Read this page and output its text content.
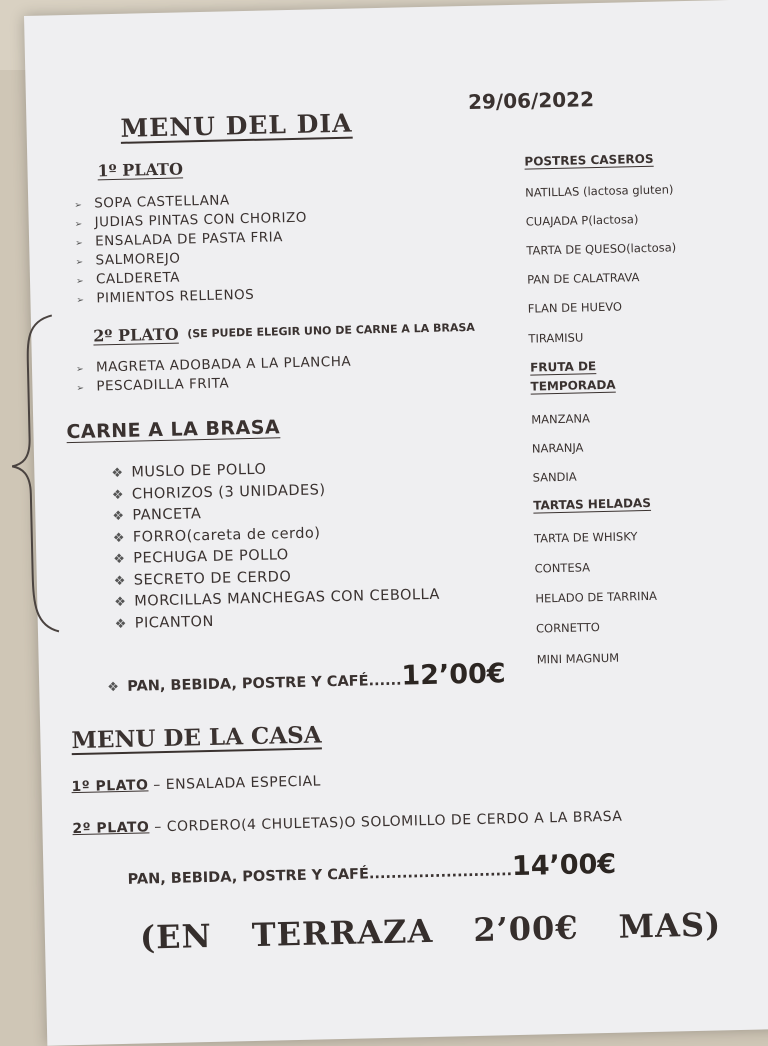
MENU DEL DIA
29/06/2022
1º PLATO
➢ SOPA CASTELLANA
➢ JUDIAS PINTAS CON CHORIZO
➢ ENSALADA DE PASTA FRIA
➢ SALMOREJO
➢ CALDERETA
➢ PIMIENTOS RELLENOS
2º PLATO (SE PUEDE ELEGIR UNO DE CARNE A LA BRASA
➢ MAGRETA ADOBADA A LA PLANCHA
➢ PESCADILLA FRITA
CARNE A LA BRASA
❖ MUSLO DE POLLO
❖ CHORIZOS (3 UNIDADES)
❖ PANCETA
❖ FORRO(careta de cerdo)
❖ PECHUGA DE POLLO
❖ SECRETO DE CERDO
❖ MORCILLAS MANCHEGAS CON CEBOLLA
❖ PICANTON
❖ PAN, BEBIDA, POSTRE Y CAFÉ......12’00€
MENU DE LA CASA
1º PLATO – ENSALADA ESPECIAL
2º PLATO – CORDERO(4 CHULETAS)O SOLOMILLO DE CERDO A LA BRASA
PAN, BEBIDA, POSTRE Y CAFÉ..........................14’00€
(EN TERRAZA 2’00€ MAS)
POSTRES CASEROS
NATILLAS (lactosa gluten)
CUAJADA P(lactosa)
TARTA DE QUESO(lactosa)
PAN DE CALATRAVA
FLAN DE HUEVO
TIRAMISU
FRUTA DE
TEMPORADA
MANZANA
NARANJA
SANDIA
TARTAS HELADAS
TARTA DE WHISKY
CONTESA
HELADO DE TARRINA
CORNETTO
MINI MAGNUM
